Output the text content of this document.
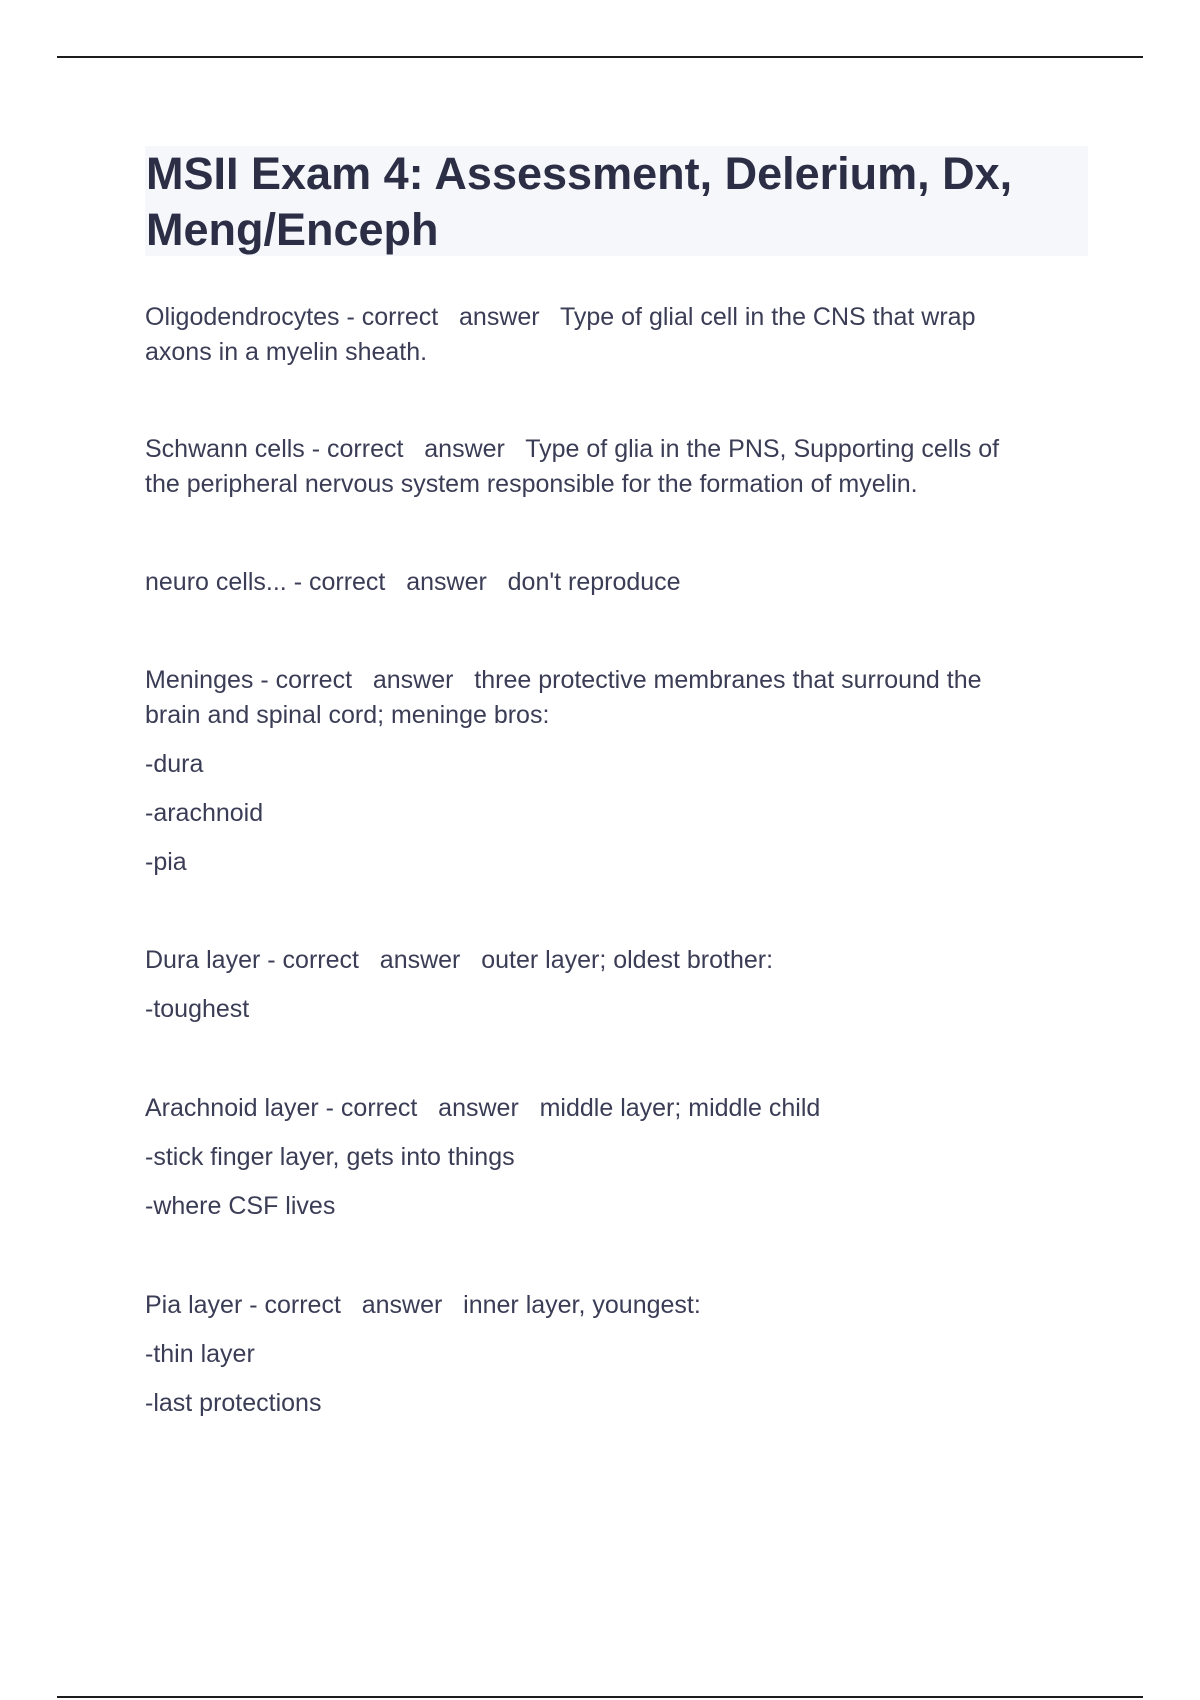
MSII Exam 4: Assessment, Delerium, Dx,
Meng/Enceph

Oligodendrocytes - correct   answer   Type of glial cell in the CNS that wrap
axons in a myelin sheath.

Schwann cells - correct   answer   Type of glia in the PNS, Supporting cells of
the peripheral nervous system responsible for the formation of myelin.

neuro cells... - correct   answer   don't reproduce

Meninges - correct   answer   three protective membranes that surround the
brain and spinal cord; meninge bros:

-dura

-arachnoid

-pia

Dura layer - correct   answer   outer layer; oldest brother:

-toughest

Arachnoid layer - correct   answer   middle layer; middle child

-stick finger layer, gets into things

-where CSF lives

Pia layer - correct   answer   inner layer, youngest:

-thin layer

-last protections
